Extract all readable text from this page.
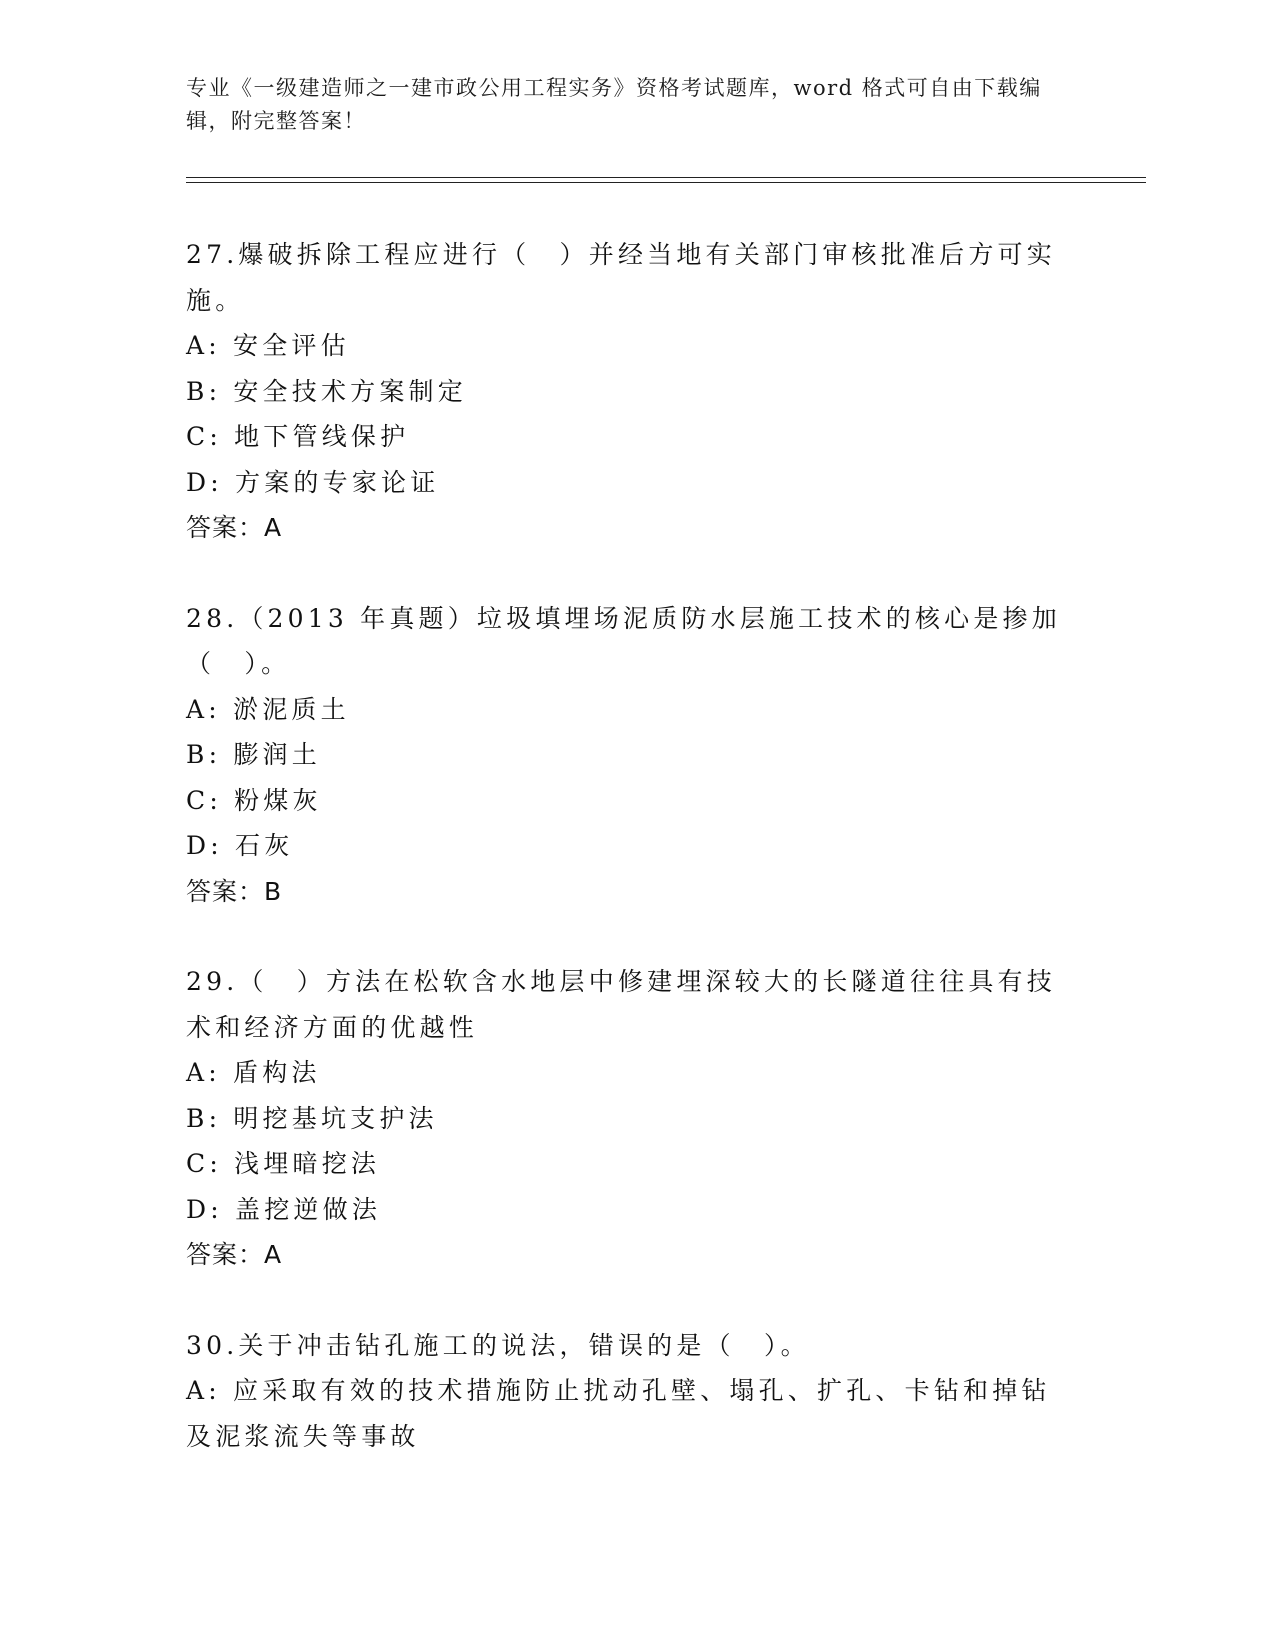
专业《一级建造师之一建市政公用工程实务》资格考试题库，word 格式可自由下载编辑，附完整答案！

27.爆破拆除工程应进行（　）并经当地有关部门审核批准后方可实施。

A: 安全评估

B: 安全技术方案制定

C: 地下管线保护

D: 方案的专家论证

答案：A

28.（2013 年真题）垃圾填埋场泥质防水层施工技术的核心是掺加（　）。

A: 淤泥质土

B: 膨润土

C: 粉煤灰

D: 石灰

答案：B

29.（　）方法在松软含水地层中修建埋深较大的长隧道往往具有技术和经济方面的优越性

A: 盾构法

B: 明挖基坑支护法

C: 浅埋暗挖法

D: 盖挖逆做法

答案：A

30.关于冲击钻孔施工的说法，错误的是（　）。

A: 应采取有效的技术措施防止扰动孔壁、塌孔、扩孔、卡钻和掉钻及泥浆流失等事故
